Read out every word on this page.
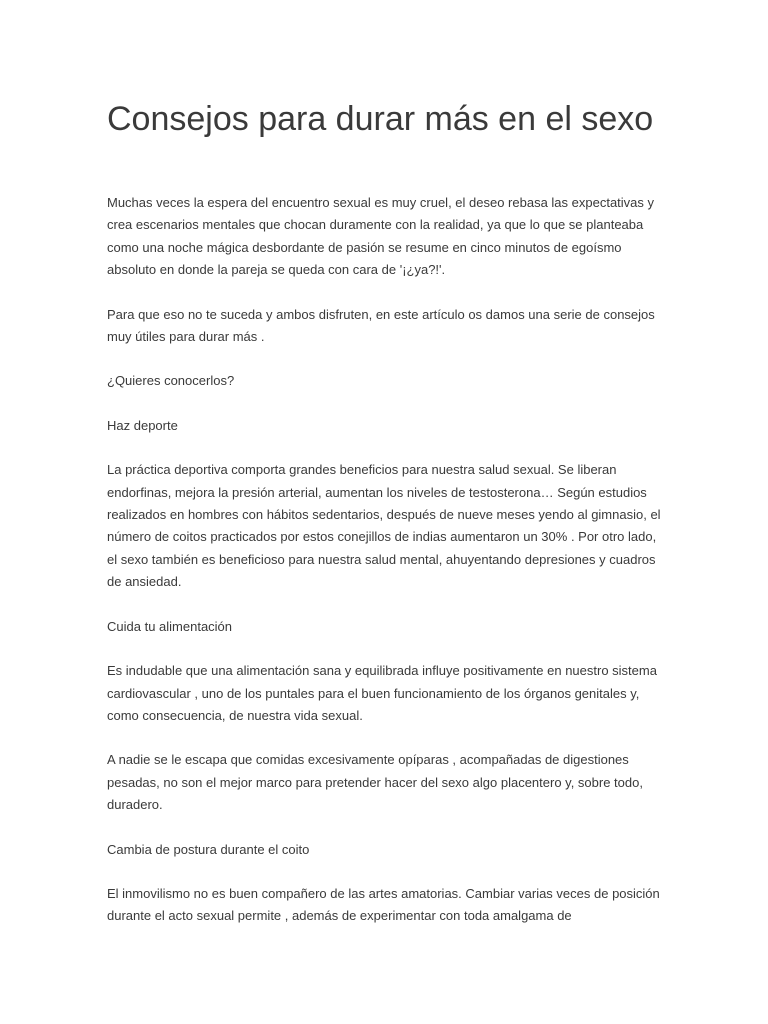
Consejos para durar más en el sexo

Muchas veces la espera del encuentro sexual es muy cruel, el deseo rebasa las expectativas y crea escenarios mentales que chocan duramente con la realidad, ya que lo que se planteaba como una noche mágica desbordante de pasión se resume en cinco minutos de egoísmo absoluto en donde la pareja se queda con cara de '¡¿ya?!'.

Para que eso no te suceda y ambos disfruten, en este artículo os damos una serie de consejos muy útiles para durar más .

¿Quieres conocerlos?

Haz deporte

La práctica deportiva comporta grandes beneficios para nuestra salud sexual. Se liberan endorfinas, mejora la presión arterial, aumentan los niveles de testosterona… Según estudios realizados en hombres con hábitos sedentarios, después de nueve meses yendo al gimnasio, el número de coitos practicados por estos conejillos de indias aumentaron un 30% . Por otro lado, el sexo también es beneficioso para nuestra salud mental, ahuyentando depresiones y cuadros de ansiedad.

Cuida tu alimentación

Es indudable que una alimentación sana y equilibrada influye positivamente en nuestro sistema cardiovascular , uno de los puntales para el buen funcionamiento de los órganos genitales y, como consecuencia, de nuestra vida sexual.

A nadie se le escapa que comidas excesivamente opíparas , acompañadas de digestiones pesadas, no son el mejor marco para pretender hacer del sexo algo placentero y, sobre todo, duradero.

Cambia de postura durante el coito

El inmovilismo no es buen compañero de las artes amatorias. Cambiar varias veces de posición durante el acto sexual permite , además de experimentar con toda amalgama de
